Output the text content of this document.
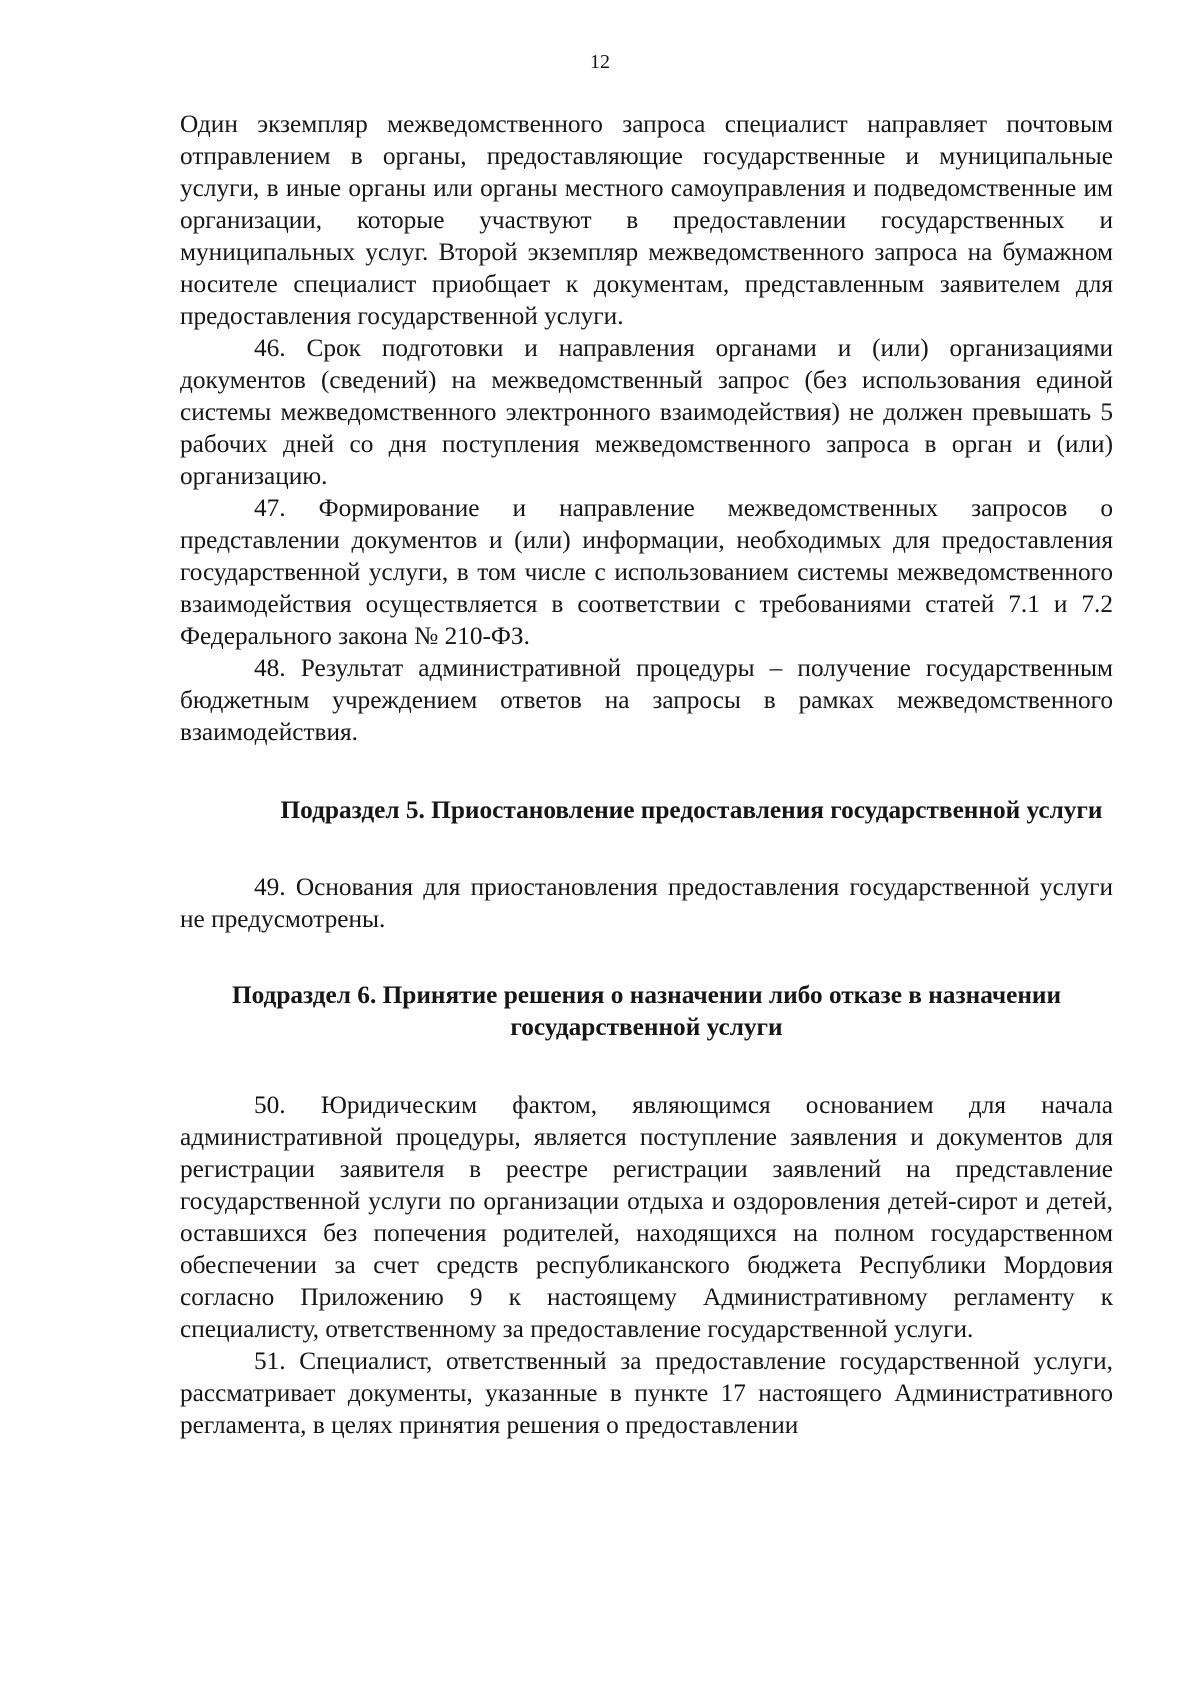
12

Один экземпляр межведомственного запроса специалист направляет почтовым отправлением в органы, предоставляющие государственные и муниципальные услуги, в иные органы или органы местного самоуправления и подведомственные им организации, которые участвуют в предоставлении государственных и муниципальных услуг. Второй экземпляр межведомственного запроса на бумажном носителе специалист приобщает к документам, представленным заявителем для предоставления государственной услуги.

46. Срок подготовки и направления органами и (или) организациями документов (сведений) на межведомственный запрос (без использования единой системы межведомственного электронного взаимодействия) не должен превышать 5 рабочих дней со дня поступления межведомственного запроса в орган и (или) организацию.

47. Формирование и направление межведомственных запросов о представлении документов и (или) информации, необходимых для предоставления государственной услуги, в том числе с использованием системы межведомственного взаимодействия осуществляется в соответствии с требованиями статей 7.1 и 7.2 Федерального закона № 210-ФЗ.

48. Результат административной процедуры – получение государственным бюджетным учреждением ответов на запросы в рамках межведомственного взаимодействия.

Подраздел 5. Приостановление предоставления государственной услуги

49. Основания для приостановления предоставления государственной услуги не предусмотрены.

Подраздел 6. Принятие решения о назначении либо отказе в назначении государственной услуги

50. Юридическим фактом, являющимся основанием для начала административной процедуры, является поступление заявления и документов для регистрации заявителя в реестре регистрации заявлений на представление государственной услуги по организации отдыха и оздоровления детей-сирот и детей, оставшихся без попечения родителей, находящихся на полном государственном обеспечении за счет средств республиканского бюджета Республики Мордовия согласно Приложению 9 к настоящему Административному регламенту к специалисту, ответственному за предоставление государственной услуги.

51. Специалист, ответственный за предоставление государственной услуги, рассматривает документы, указанные в пункте 17 настоящего Административного регламента, в целях принятия решения о предоставлении
